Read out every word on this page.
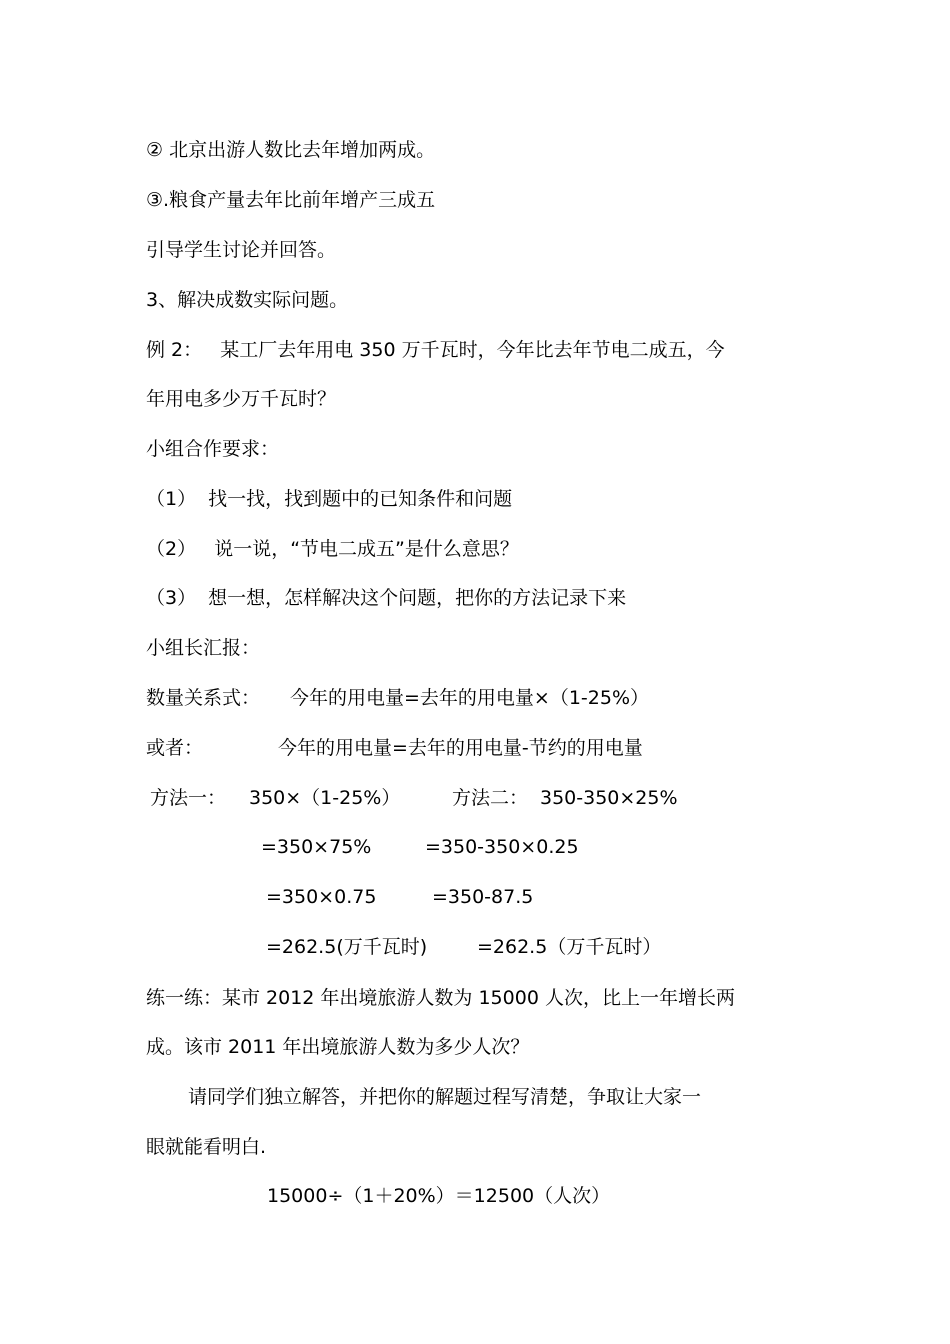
② 北京出游人数比去年增加两成。
③.粮食产量去年比前年增产三成五
引导学生讨论并回答。
3、解决成数实际问题。
例 2：   某工厂去年用电 350 万千瓦时，今年比去年节电二成五，今
年用电多少万千瓦时？
小组合作要求：
（1）  找一找，找到题中的已知条件和问题
（2）   说一说，“节电二成五”是什么意思？
（3）  想一想，怎样解决这个问题，把你的方法记录下来
小组长汇报：
数量关系式： 今年的用电量=去年的用电量×（1-25%）
或者：	今年的用电量=去年的用电量-节约的用电量
方法一： 350×（1-25%）	方法二： 350-350×25%
=350×75%	=350-350×0.25
=350×0.75	=350-87.5
=262.5(万千瓦时)	=262.5（万千瓦时）
练一练：某市 2012 年出境旅游人数为 15000 人次，比上一年增长两
成。该市 2011 年出境旅游人数为多少人次？
请同学们独立解答，并把你的解题过程写清楚，争取让大家一
眼就能看明白.
15000÷（1＋20%）＝12500（人次）
